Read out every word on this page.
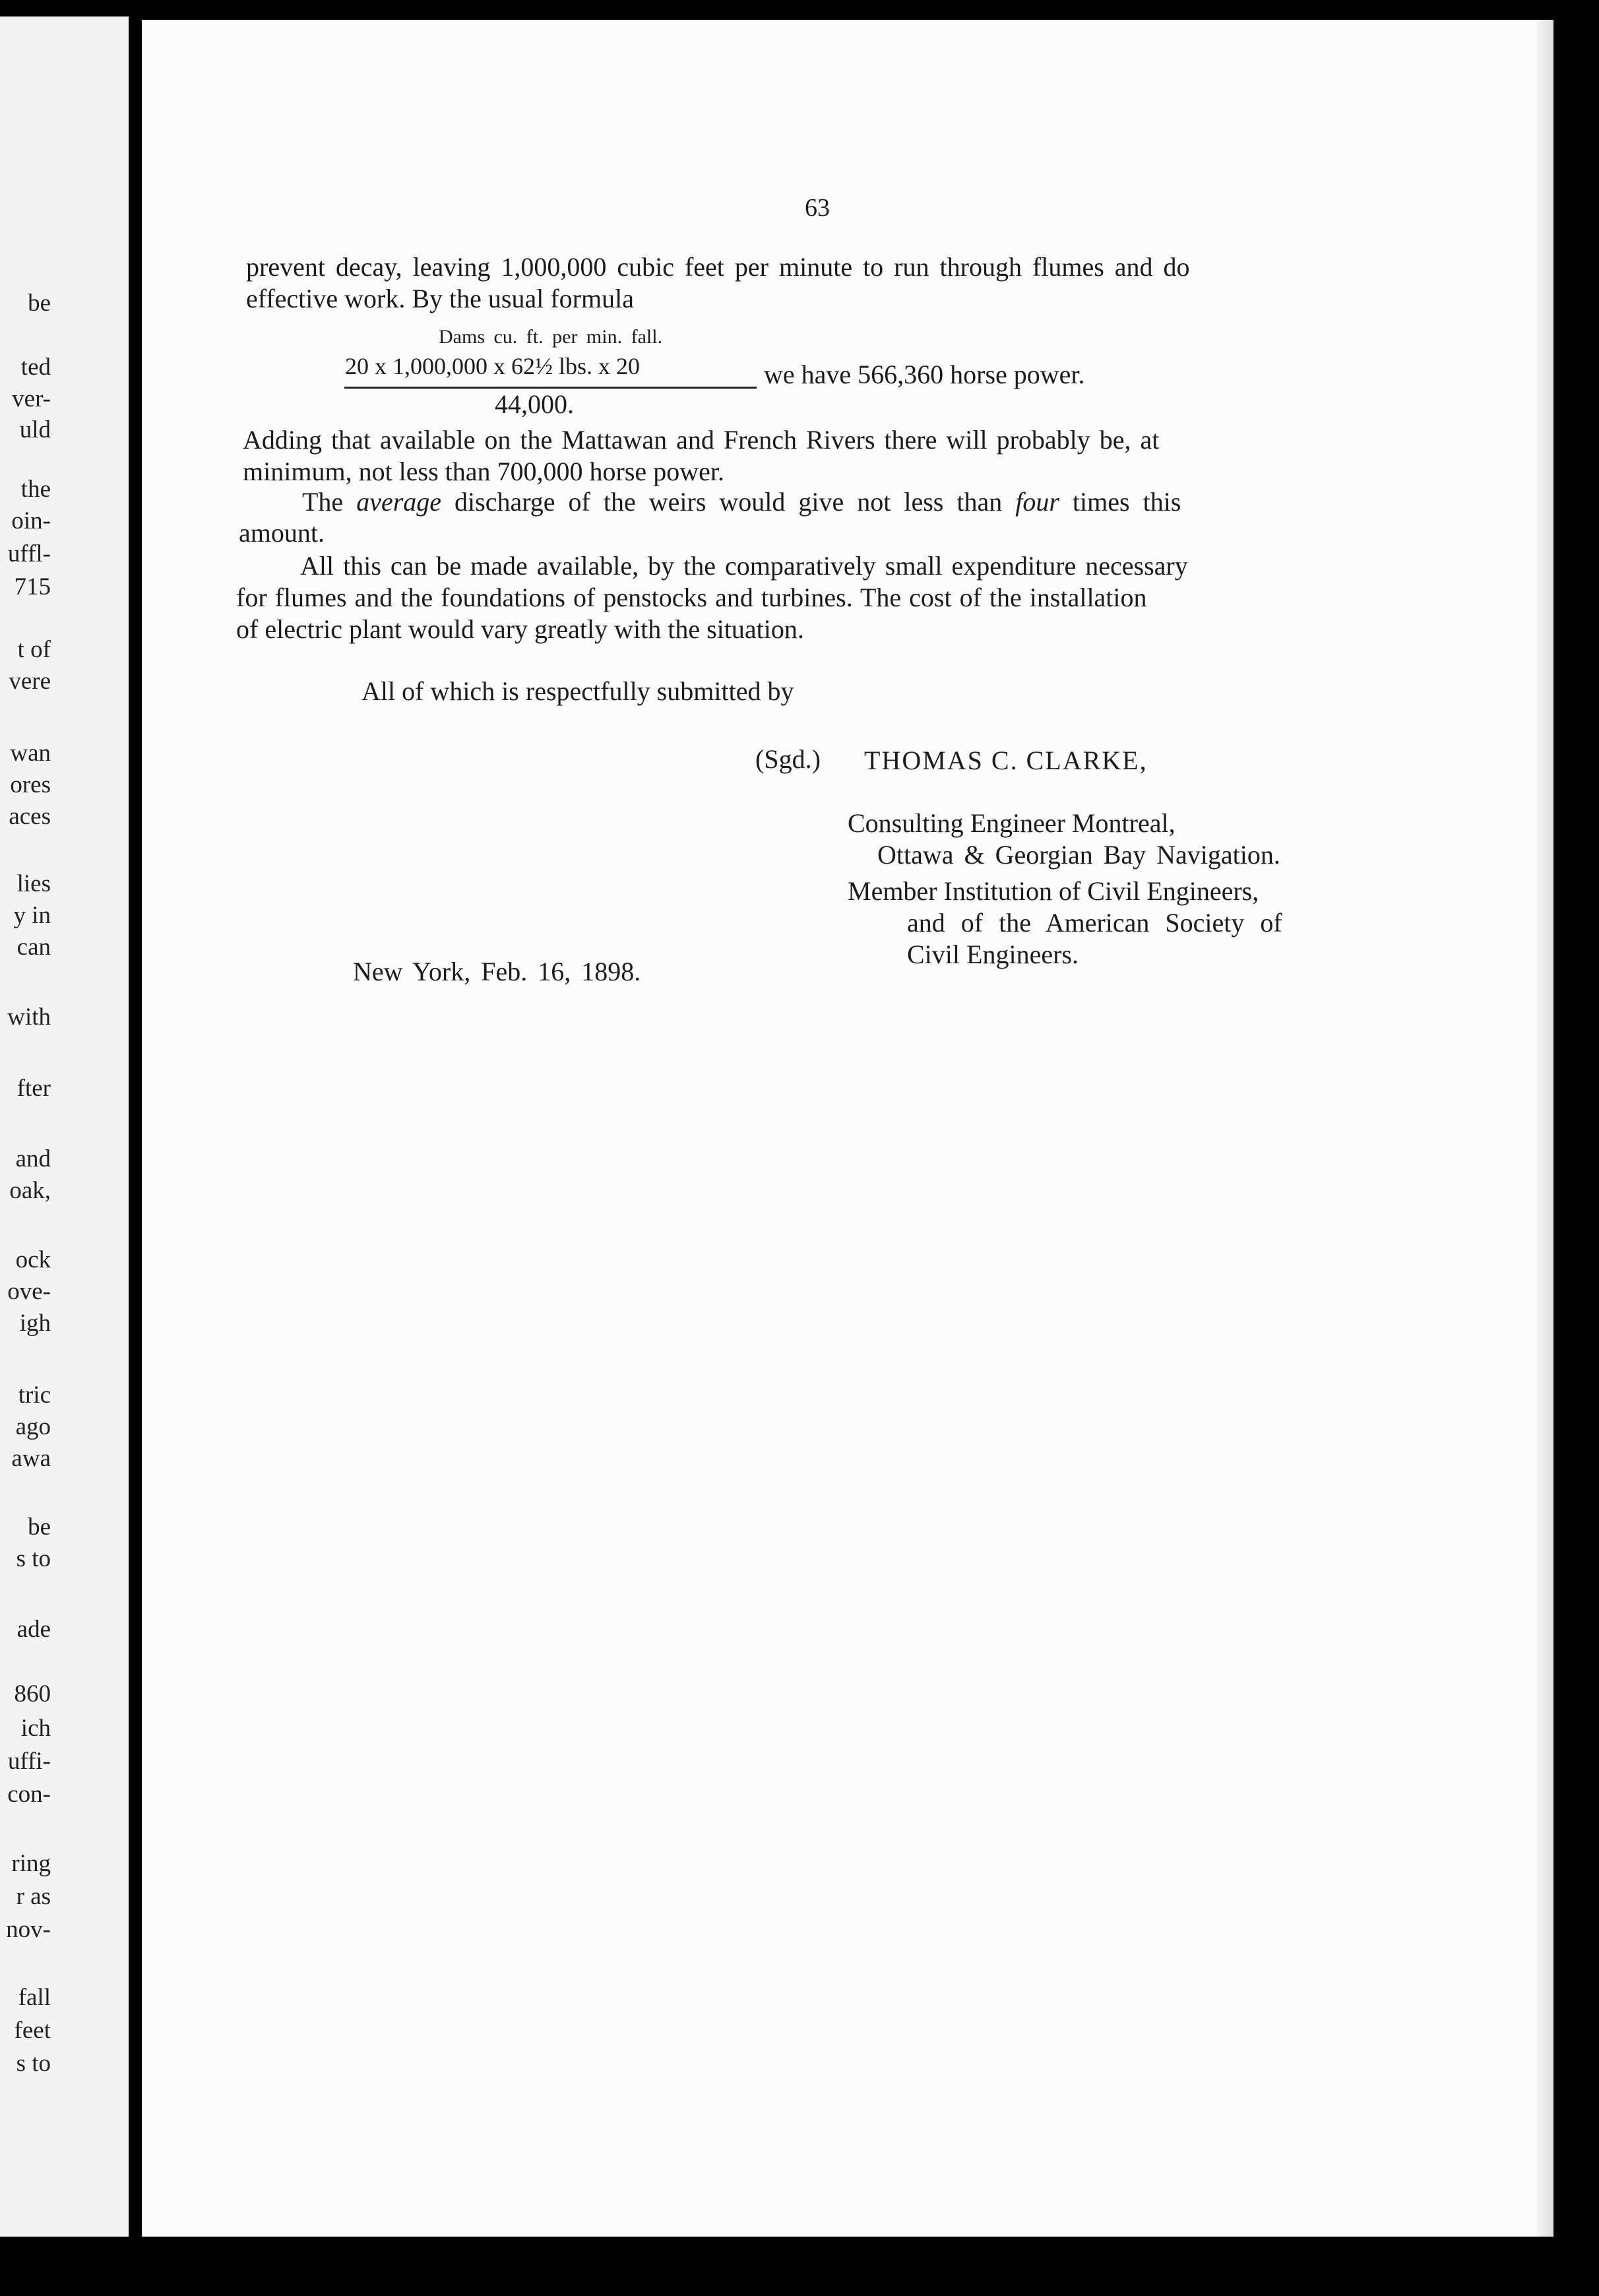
be
ted
ver-
uld
the
oin-
uffl-
715
t of
vere
wan
ores
aces
lies
y in
can
with
fter
and
oak,
ock
ove-
igh
tric
ago
awa
be
s to
ade
860
ich
uffi-
con-
ring
r as
nov-
fall
feet
s to
63
prevent decay, leaving 1,000,000 cubic feet per minute to run through flumes and do
effective work. By the usual formula
Dams cu. ft. per min. fall.
20 x 1,000,000 x 62½ lbs. x 20
44,000.
we have 566,360 horse power.
Adding that available on the Mattawan and French Rivers there will probably be, at
minimum, not less than 700,000 horse power.
The average discharge of the weirs would give not less than four times this
amount.
All this can be made available, by the comparatively small expenditure necessary
for flumes and the foundations of penstocks and turbines. The cost of the installation
of electric plant would vary greatly with the situation.
All of which is respectfully submitted by
(Sgd.) THOMAS C. CLARKE,
Consulting Engineer Montreal,
Ottawa & Georgian Bay Navigation.
Member Institution of Civil Engineers,
and of the American Society of
Civil Engineers.
New York, Feb. 16, 1898.
